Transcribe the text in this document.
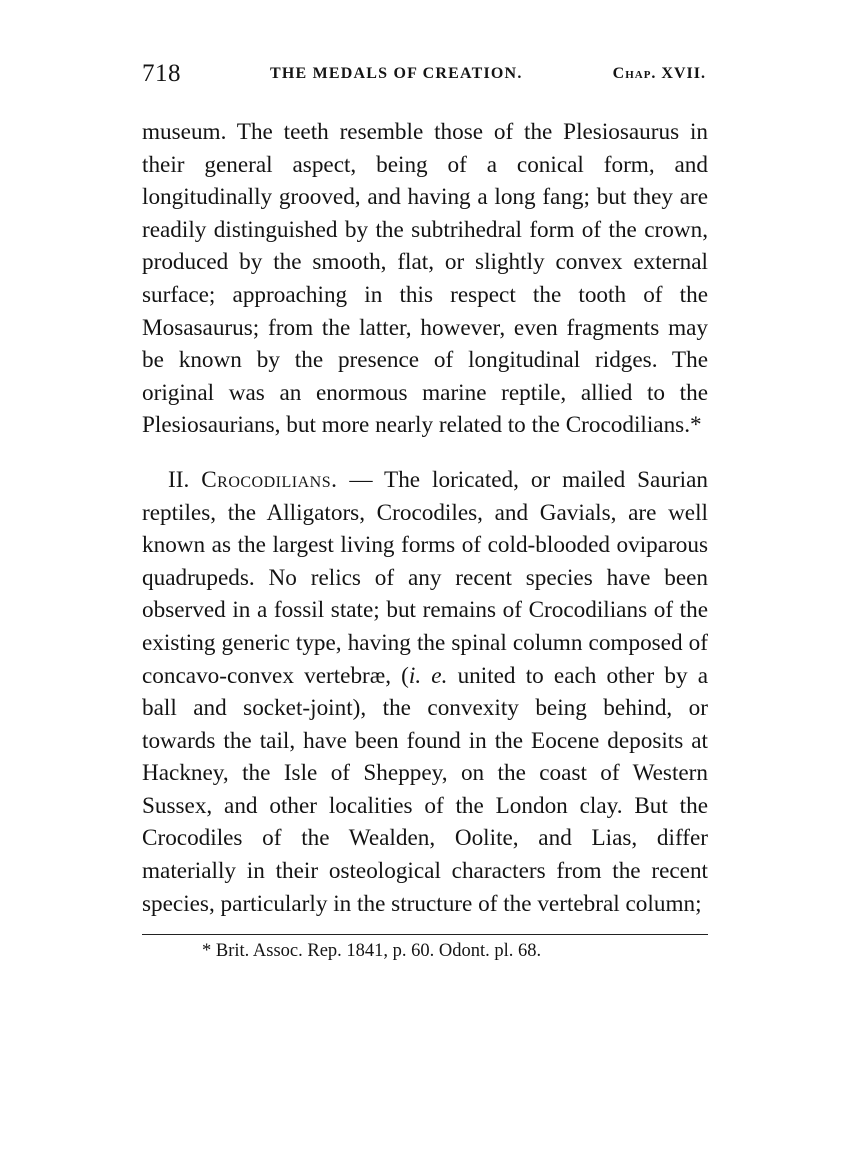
718	THE MEDALS OF CREATION.	Chap. XVII.

museum. The teeth resemble those of the Plesiosaurus in their general aspect, being of a conical form, and longitudinally grooved, and having a long fang; but they are readily distinguished by the subtrihedral form of the crown, produced by the smooth, flat, or slightly convex external surface; approaching in this respect the tooth of the Mosasaurus; from the latter, however, even fragments may be known by the presence of longitudinal ridges. The original was an enormous marine reptile, allied to the Plesiosaurians, but more nearly related to the Crocodilians.*

II. Crocodilians. — The loricated, or mailed Saurian reptiles, the Alligators, Crocodiles, and Gavials, are well known as the largest living forms of cold-blooded oviparous quadrupeds. No relics of any recent species have been observed in a fossil state; but remains of Crocodilians of the existing generic type, having the spinal column composed of concavo-convex vertebræ, (i. e. united to each other by a ball and socket-joint), the convexity being behind, or towards the tail, have been found in the Eocene deposits at Hackney, the Isle of Sheppey, on the coast of Western Sussex, and other localities of the London clay. But the Crocodiles of the Wealden, Oolite, and Lias, differ materially in their osteological characters from the recent species, particularly in the structure of the vertebral column;

* Brit. Assoc. Rep. 1841, p. 60. Odont. pl. 68.
